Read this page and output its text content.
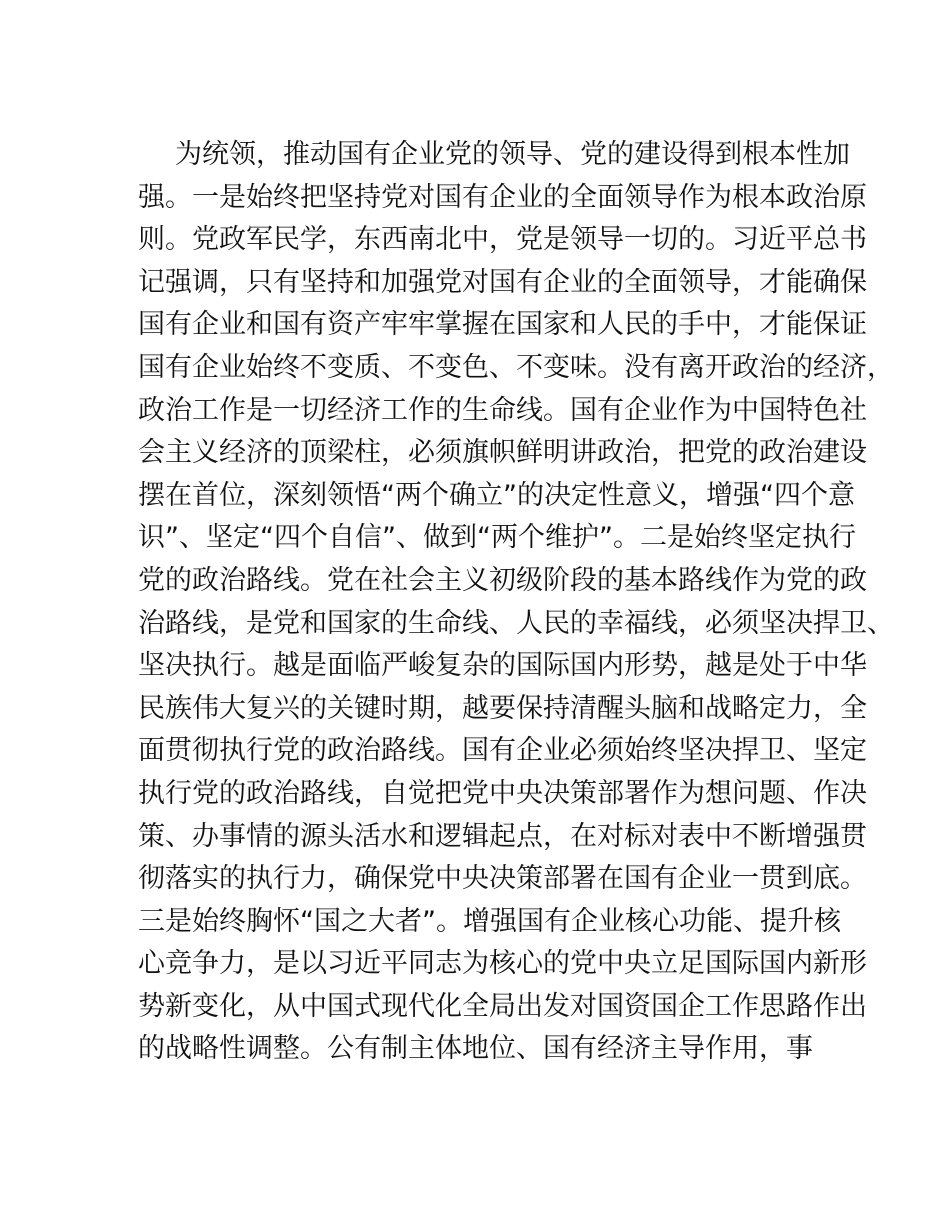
为统领，推动国有企业党的领导、党的建设得到根本性加
强。一是始终把坚持党对国有企业的全面领导作为根本政治原
则。党政军民学，东西南北中，党是领导一切的。习近平总书
记强调，只有坚持和加强党对国有企业的全面领导，才能确保
国有企业和国有资产牢牢掌握在国家和人民的手中，才能保证
国有企业始终不变质、不变色、不变味。没有离开政治的经济，
政治工作是一切经济工作的生命线。国有企业作为中国特色社
会主义经济的顶梁柱，必须旗帜鲜明讲政治，把党的政治建设
摆在首位，深刻领悟“两个确立”的决定性意义，增强“四个意
识”、坚定“四个自信”、做到“两个维护”。二是始终坚定执行
党的政治路线。党在社会主义初级阶段的基本路线作为党的政
治路线，是党和国家的生命线、人民的幸福线，必须坚决捍卫、
坚决执行。越是面临严峻复杂的国际国内形势，越是处于中华
民族伟大复兴的关键时期，越要保持清醒头脑和战略定力，全
面贯彻执行党的政治路线。国有企业必须始终坚决捍卫、坚定
执行党的政治路线，自觉把党中央决策部署作为想问题、作决
策、办事情的源头活水和逻辑起点，在对标对表中不断增强贯
彻落实的执行力，确保党中央决策部署在国有企业一贯到底。
三是始终胸怀“国之大者”。增强国有企业核心功能、提升核
心竞争力，是以习近平同志为核心的党中央立足国际国内新形
势新变化，从中国式现代化全局出发对国资国企工作思路作出
的战略性调整。公有制主体地位、国有经济主导作用，事
